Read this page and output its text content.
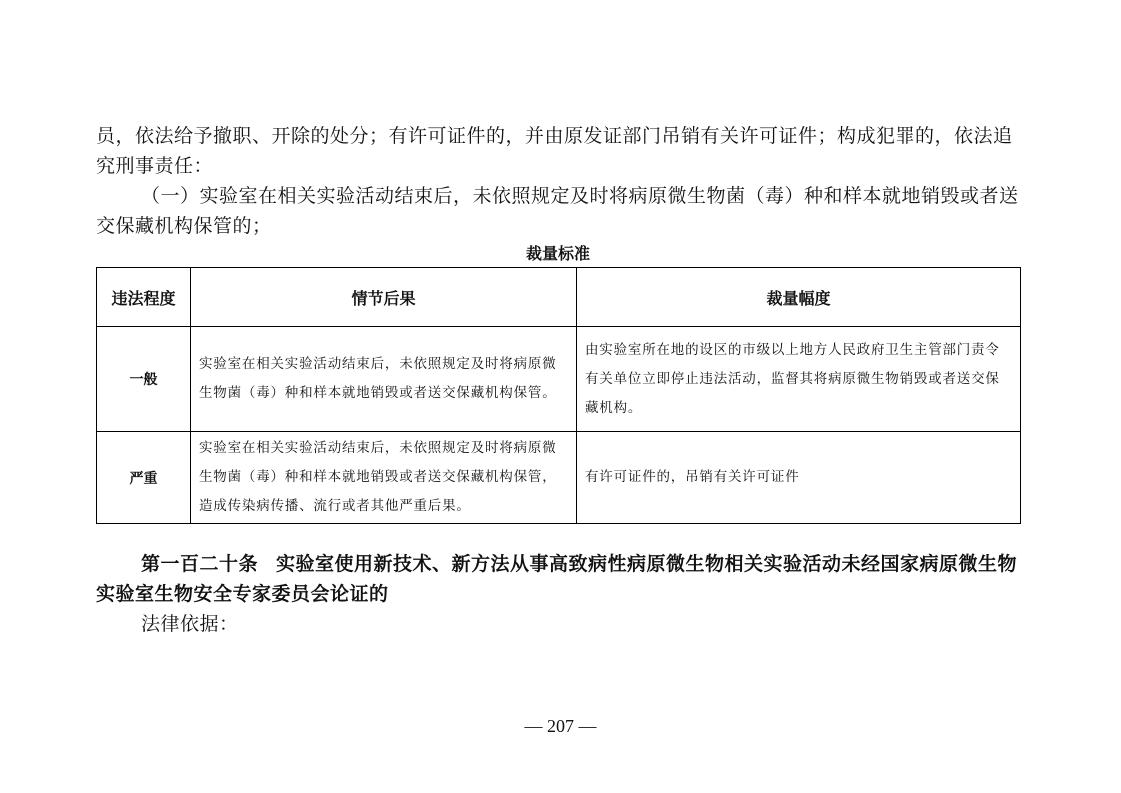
员，依法给予撤职、开除的处分；有许可证件的，并由原发证部门吊销有关许可证件；构成犯罪的，依法追究刑事责任：

（一）实验室在相关实验活动结束后，未依照规定及时将病原微生物菌（毒）种和样本就地销毁或者送交保藏机构保管的；

裁量标准
违法程度	情节后果	裁量幅度
一般	实验室在相关实验活动结束后，未依照规定及时将病原微生物菌（毒）种和样本就地销毁或者送交保藏机构保管。	由实验室所在地的设区的市级以上地方人民政府卫生主管部门责令有关单位立即停止违法活动，监督其将病原微生物销毁或者送交保藏机构。
严重	实验室在相关实验活动结束后，未依照规定及时将病原微生物菌（毒）种和样本就地销毁或者送交保藏机构保管，造成传染病传播、流行或者其他严重后果。	有许可证件的，吊销有关许可证件

第一百二十条 实验室使用新技术、新方法从事高致病性病原微生物相关实验活动未经国家病原微生物实验室生物安全专家委员会论证的

法律依据：

— 207 —
